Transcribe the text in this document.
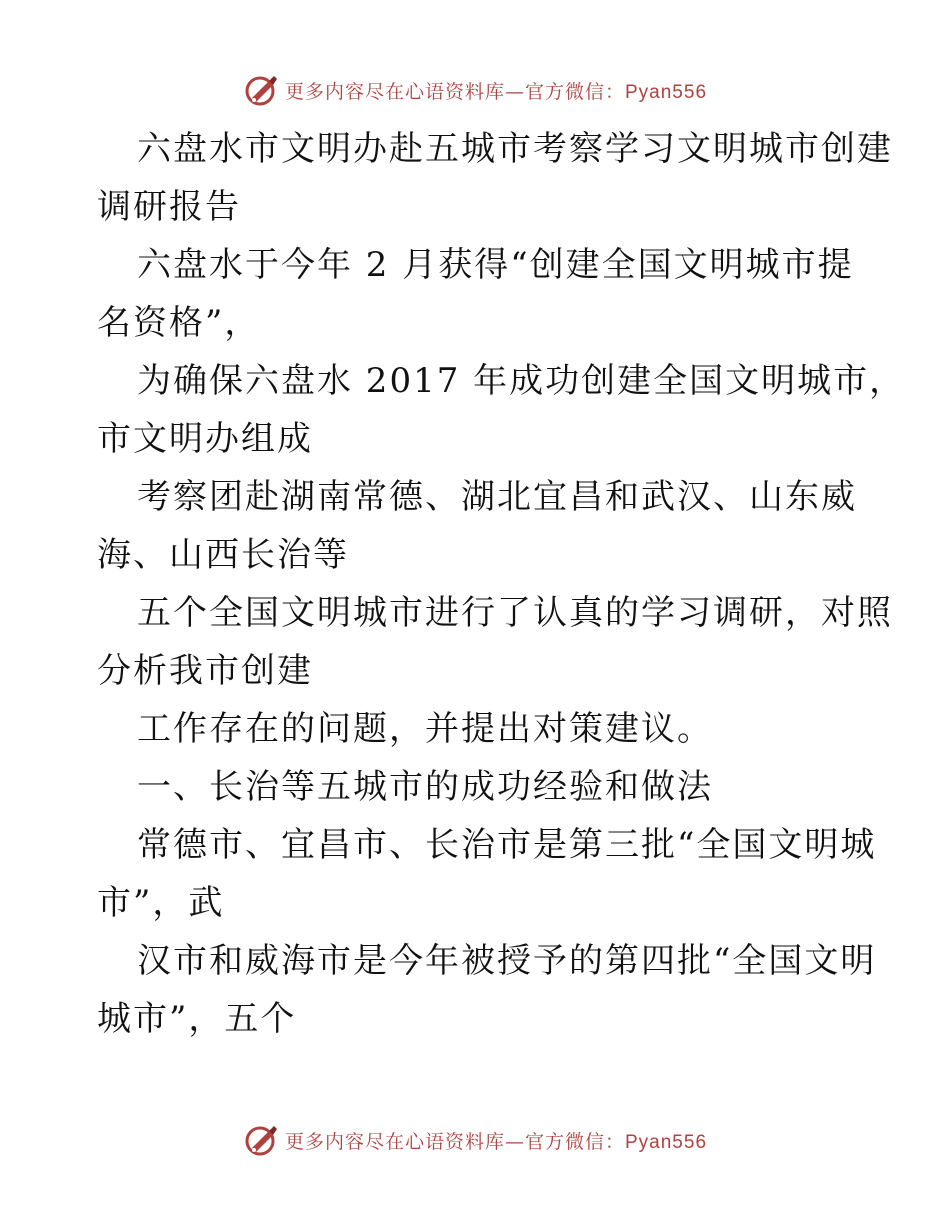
更多内容尽在心语资料库—官方微信：Pyan556
六盘水市文明办赴五城市考察学习文明城市创建
调研报告
六盘水于今年 2 月获得“创建全国文明城市提
名资格”，
为确保六盘水 2017 年成功创建全国文明城市，
市文明办组成
考察团赴湖南常德、湖北宜昌和武汉、山东威
海、山西长治等
五个全国文明城市进行了认真的学习调研，对照
分析我市创建
工作存在的问题，并提出对策建议。
一、长治等五城市的成功经验和做法
常德市、宜昌市、长治市是第三批“全国文明城
市”，武
汉市和威海市是今年被授予的第四批“全国文明
城市”，五个
更多内容尽在心语资料库—官方微信：Pyan556
